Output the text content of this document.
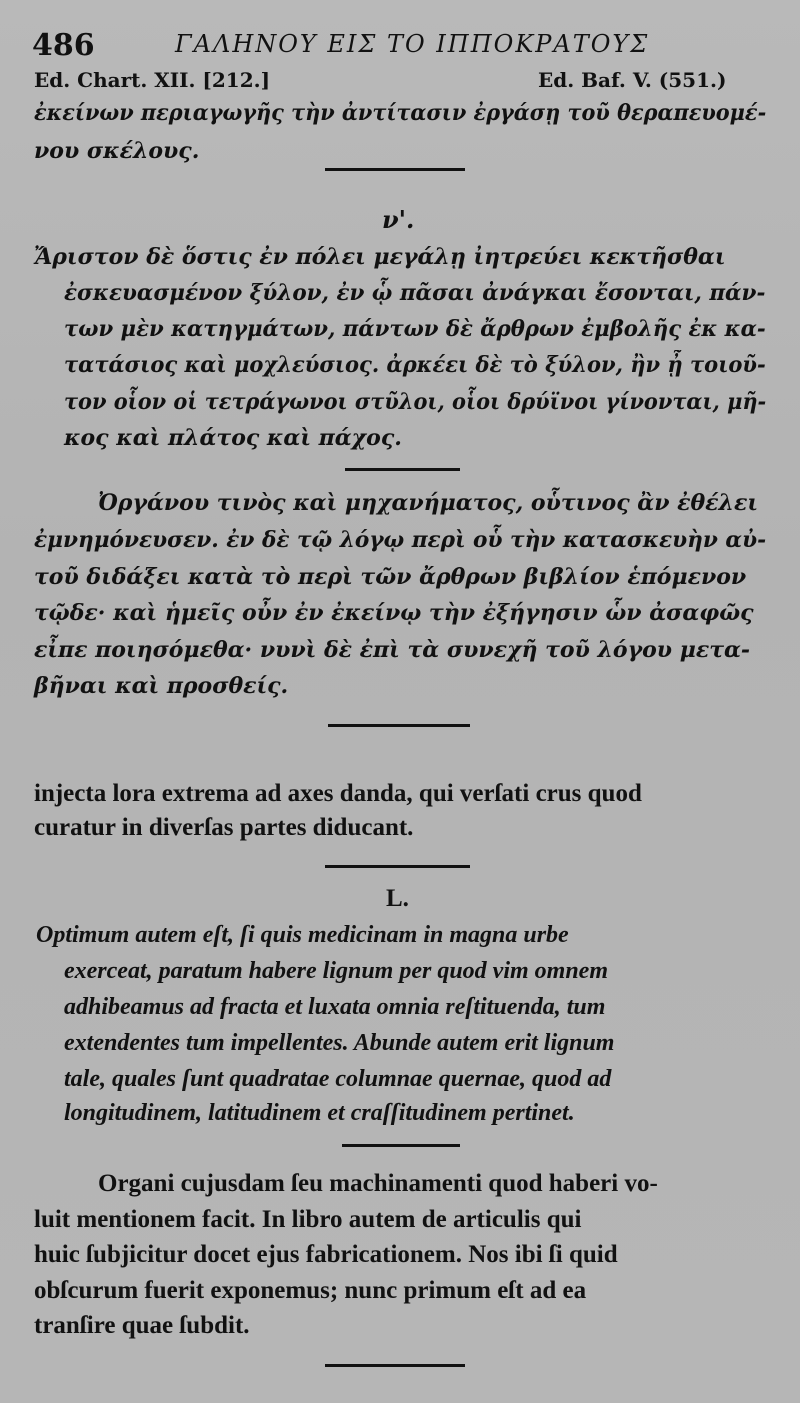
486	ΓΑΛΗΝΟΥ ΕΙΣ ΤΟ ΙΠΠΟΚΡΑΤΟΥΣ
Ed. Chart. XII. [212.]	Ed. Baf. V. (551.)
ἐκείνων περιαγωγῆς τὴν ἀντίτασιν ἐργάσῃ τοῦ θεραπευομέ-
νου σκέλους.
ν'.
Ἄριστον δὲ ὅστις ἐν πόλει μεγάλῃ ἰητρεύει κεκτῆσθαι
ἐσκευασμένον ξύλον, ἐν ᾧ πᾶσαι ἀνάγκαι ἔσονται, πάν-
των μὲν κατηγμάτων, πάντων δὲ ἄρθρων ἐμβολῆς ἐκ κα-
τατάσιος καὶ μοχλεύσιος. ἀρκέει δὲ τὸ ξύλον, ἢν ᾖ τοιοῦ-
τον οἷον οἱ τετράγωνοι στῦλοι, οἷοι δρύϊνοι γίνονται, μῆ-
κος καὶ πλάτος καὶ πάχος.
Ὀργάνου τινὸς καὶ μηχανήματος, οὗτινος ἂν ἐθέλει
ἐμνημόνευσεν. ἐν δὲ τῷ λόγῳ περὶ οὗ τὴν κατασκευὴν αὐ-
τοῦ διδάξει κατὰ τὸ περὶ τῶν ἄρθρων βιβλίον ἑπόμενον
τῷδε· καὶ ἡμεῖς οὖν ἐν ἐκείνῳ τὴν ἐξήγησιν ὧν ἀσαφῶς
εἶπε ποιησόμεθα· νυνὶ δὲ ἐπὶ τὰ συνεχῆ τοῦ λόγου μετα-
βῆναι καὶ προσθείς.
injecta lora extrema ad axes danda, qui verſati crus quod
curatur in diverſas partes diducant.
L.
Optimum autem eſt, ſi quis medicinam in magna urbe
exerceat, paratum habere lignum per quod vim omnem
adhibeamus ad fracta et luxata omnia reſtituenda, tum
extendentes tum impellentes. Abunde autem erit lignum
tale, quales ſunt quadratae columnae quernae, quod ad
longitudinem, latitudinem et craſſitudinem pertinet.
Organi cujusdam ſeu machinamenti quod haberi vo-
luit mentionem facit. In libro autem de articulis qui
huic ſubjicitur docet ejus fabricationem. Nos ibi ſi quid
obſcurum fuerit exponemus; nunc primum eſt ad ea
tranſire quae ſubdit.
